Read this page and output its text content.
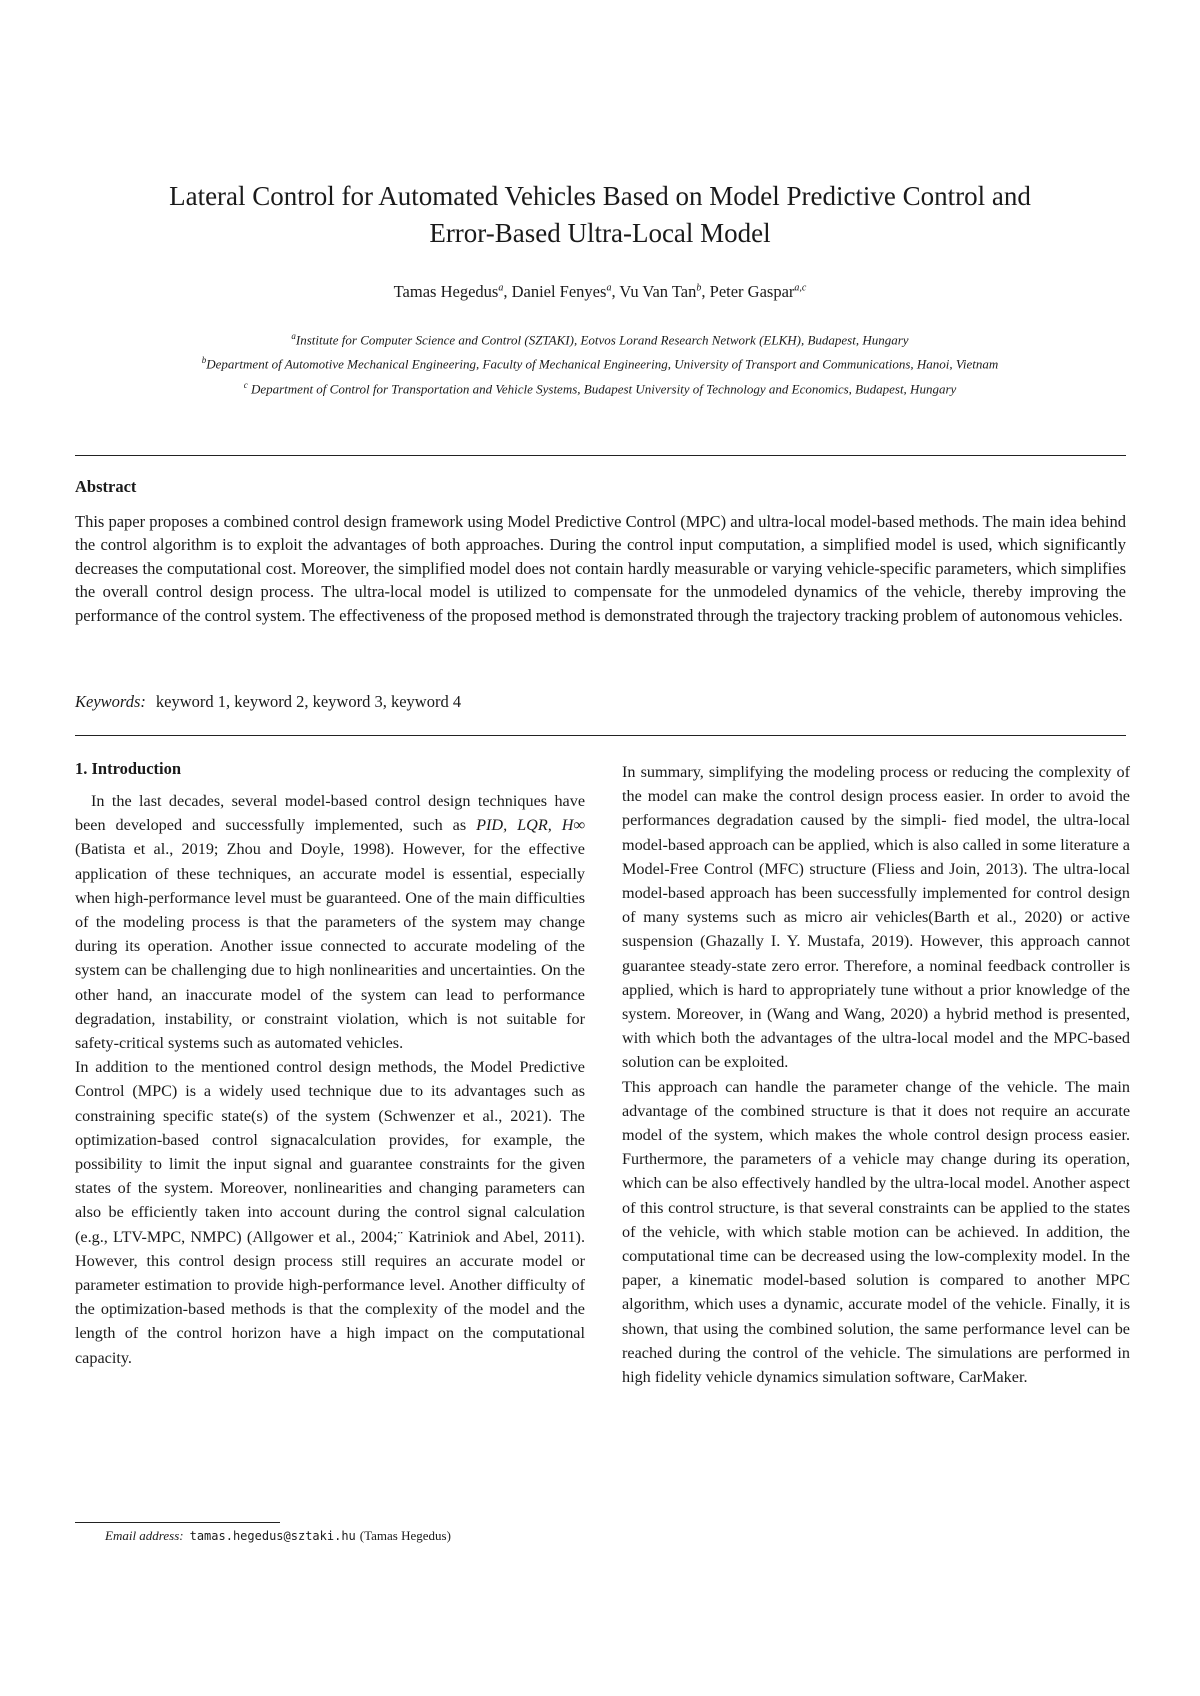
Lateral Control for Automated Vehicles Based on Model Predictive Control and
Error-Based Ultra-Local Model
Tamas Hegedus$^a$, Daniel Fenyes$^a$, Vu Van Tan$^b$, Peter Gaspar$^{a,c}$
$^a$Institute for Computer Science and Control (SZTAKI), Eotvos Lorand Research Network (ELKH), Budapest, Hungary
$^b$Department of Automotive Mechanical Engineering, Faculty of Mechanical Engineering, University of Transport and Communications, Hanoi, Vietnam
$^c$ Department of Control for Transportation and Vehicle Systems, Budapest University of Technology and Economics, Budapest, Hungary
Abstract
This paper proposes a combined control design framework using Model Predictive Control (MPC) and ultra-local model-based methods. The main idea behind the control algorithm is to exploit the advantages of both approaches. During the control input computation, a simplified model is used, which significantly decreases the computational cost. Moreover, the simplified model does not contain hardly measurable or varying vehicle-specific parameters, which simplifies the overall control design process. The ultra-local model is utilized to compensate for the unmodeled dynamics of the vehicle, thereby improving the performance of the control system. The effectiveness of the proposed method is demonstrated through the trajectory tracking problem of autonomous vehicles.
Keywords: keyword 1, keyword 2, keyword 3, keyword 4
1. Introduction

In the last decades, several model-based control design techniques have been developed and successfully implemented, such as PID, LQR, H∞ (Batista et al., 2019; Zhou and Doyle, 1998). However, for the effective application of these techniques, an accurate model is essential, especially when high-performance level must be guaranteed. One of the main difficulties of the modeling process is that the parameters of the system may change during its operation. Another issue connected to accurate modeling of the system can be challenging due to high nonlinearities and uncertainties. On the other hand, an inaccurate model of the system can lead to performance degradation, instability, or constraint violation, which is not suitable for safety-critical systems such as automated vehicles.

In addition to the mentioned control design methods, the Model Predictive Control (MPC) is a widely used technique due to its advantages such as constraining specific state(s) of the system (Schwenzer et al., 2021). The optimization-based control signacalculation provides, for example, the possibility to limit the input signal and guarantee constraints for the given states of the system. Moreover, nonlinearities and changing parameters can also be efficiently taken into account during the control signal calculation (e.g., LTV-MPC, NMPC) (Allgower et al., 2004;¨ Katriniok and Abel, 2011). However, this control design process still requires an accurate model or parameter estimation to provide high-performance level. Another difficulty of the optimization-based methods is that the complexity of the model and the length of the control horizon have a high impact on the computational capacity.

In summary, simplifying the modeling process or reducing the complexity of the model can make the control design process easier. In order to avoid the performances degradation caused by the simpli- fied model, the ultra-local model-based approach can be applied, which is also called in some literature a Model-Free Control (MFC) structure (Fliess and Join, 2013). The ultra-local model-based approach has been successfully implemented for control design of many systems such as micro air vehicles(Barth et al., 2020) or active suspension (Ghazally I. Y. Mustafa, 2019). However, this approach cannot guarantee steady-state zero error. Therefore, a nominal feedback controller is applied, which is hard to appropriately tune without a prior knowledge of the system. Moreover, in (Wang and Wang, 2020) a hybrid method is presented, with which both the advantages of the ultra-local model and the MPC-based solution can be exploited.

This approach can handle the parameter change of the vehicle. The main advantage of the combined structure is that it does not require an accurate model of the system, which makes the whole control design process easier. Furthermore, the parameters of a vehicle may change during its operation, which can be also effectively handled by the ultra-local model. Another aspect of this control structure, is that several constraints can be applied to the states of the vehicle, with which stable motion can be achieved. In addition, the computational time can be decreased using the low-complexity model. In the paper, a kinematic model-based solution is compared to another MPC algorithm, which uses a dynamic, accurate model of the vehicle. Finally, it is shown, that using the combined solution, the same performance level can be reached during the control of the vehicle. The simulations are performed in high fidelity vehicle dynamics simulation software, CarMaker.

Email address: tamas.hegedus@sztaki.hu (Tamas Hegedus)
